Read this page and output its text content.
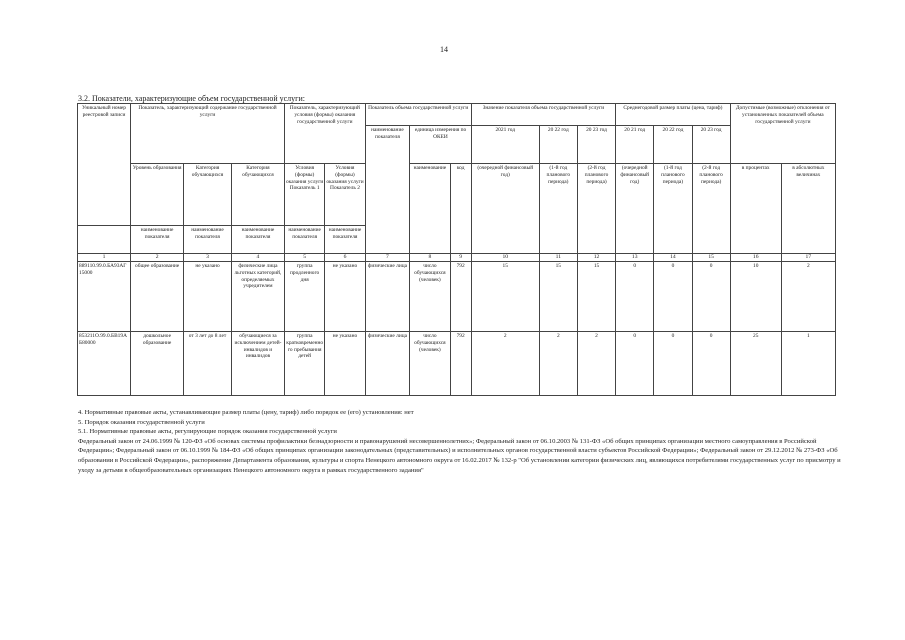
14
3.2. Показатели, характеризующие объем государственной услуги:
Уникальный номер реестровой записи	Показатель, характеризующий содержание государственной услуги			Показатель, характеризующий условия (формы) оказания государственной услуги		Показатель объема государственной услуги			Значение показателя объема государственной услуги			Среднегодовой размер платы (цена, тариф)			Допустимые (возможные) отклонения от установленных показателей объема государственной услуги	
						наименование показателя	единица измерения по ОКЕИ		2021 год	20 22 год	20 23 год	20 21 год	20 22 год	20 23 год		
	Уровень образования	Категория обучающихся	Категория обучающихся	Условия (формы) оказания услуги Показатель 1	Условия (формы) оказания услуги Показатель 2		наименование	код	(очередной финансовый год)	(1-й год планового периода)	(2-й год планового периода)	(очередной финансовый год)	(1-й год планового периода)	(2-й год планового периода)	в процентах	в абсолютных величинах
	наименование показателя	наименование показателя	наименование показателя	наименование показателя	наименование показателя											
1	2	3	4	5	6	7	8	9	10	11	12	13	14	15	16	17
889110.99.0.БА93АГ15000	общее образование	не указано	физические лица льготных категорий, определяемых учредителем	группа продленного дня	не указано	физические лица	число обучающихся (человек)	792	15	15	15	0	0	0	10	2
853211О.99.0.БВ19АБ80000	дошкольное образование	от 3 лет до 8 лет	обучающиеся за исключением детей-инвалидов и инвалидов	группа кратковременного пребывания детей	не указано	физические лица	число обучающихся (человек)	792	2	2	2	0	0	0	25	1
4. Нормативные правовые акты, устанавливающие размер платы (цену, тариф) либо порядок ее (его) установления: нет
5. Порядок оказания государственной услуги
5.1. Нормативные правовые акты, регулирующие порядок оказания государственной услуги
Федеральный закон от 24.06.1999 № 120-ФЗ «Об основах системы профилактики безнадзорности и правонарушений несовершеннолетних»; Федеральный закон от 06.10.2003 № 131-ФЗ «Об общих принципах организации местного самоуправления в Российской Федерации»; Федеральный закон от 06.10.1999 № 184-ФЗ «Об общих принципах организации законодательных (представительных) и исполнительных органов государственной власти субъектов Российской Федерации»; Федеральный закон от 29.12.2012 № 273-ФЗ «Об образовании в Российской Федерации», распоряжение Департамента образования, культуры и спорта Ненецкого автономного округа от 16.02.2017 № 132-р "Об установлении категории физических лиц, являющихся потребителями государственных услуг по присмотру и уходу за детьми в общеобразовательных организациях Ненецкого автономного округа в рамках государственного задания"
